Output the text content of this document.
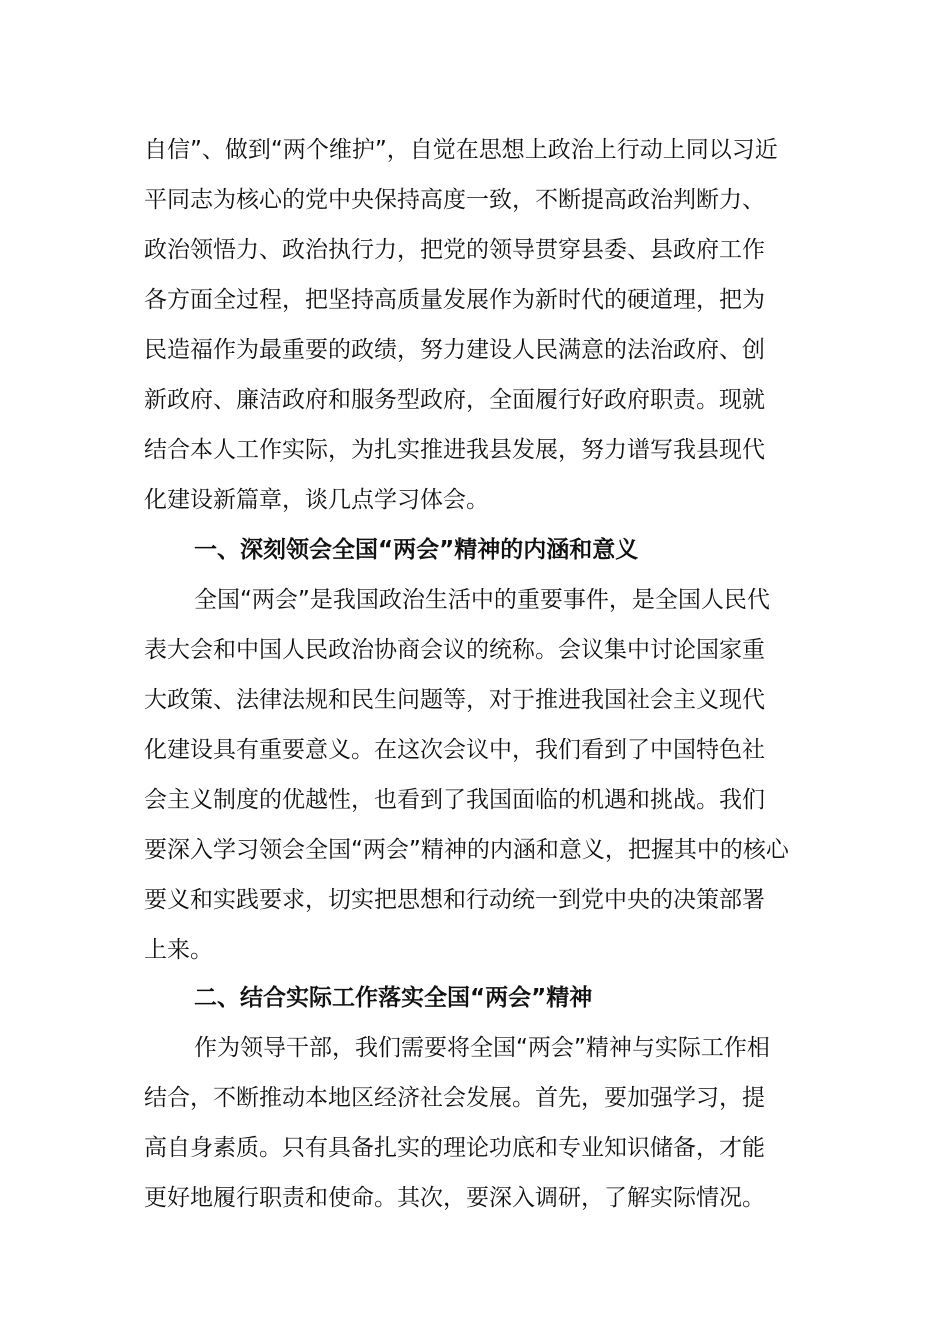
自信”、做到“两个维护”，自觉在思想上政治上行动上同以习近
平同志为核心的党中央保持高度一致，不断提高政治判断力、
政治领悟力、政治执行力，把党的领导贯穿县委、县政府工作
各方面全过程，把坚持高质量发展作为新时代的硬道理，把为
民造福作为最重要的政绩，努力建设人民满意的法治政府、创
新政府、廉洁政府和服务型政府，全面履行好政府职责。现就
结合本人工作实际，为扎实推进我县发展，努力谱写我县现代
化建设新篇章，谈几点学习体会。
一、深刻领会全国“两会”精神的内涵和意义
全国“两会”是我国政治生活中的重要事件，是全国人民代
表大会和中国人民政治协商会议的统称。会议集中讨论国家重
大政策、法律法规和民生问题等，对于推进我国社会主义现代
化建设具有重要意义。在这次会议中，我们看到了中国特色社
会主义制度的优越性，也看到了我国面临的机遇和挑战。我们
要深入学习领会全国“两会”精神的内涵和意义，把握其中的核心
要义和实践要求，切实把思想和行动统一到党中央的决策部署
上来。
二、结合实际工作落实全国“两会”精神
作为领导干部，我们需要将全国“两会”精神与实际工作相
结合，不断推动本地区经济社会发展。首先，要加强学习，提
高自身素质。只有具备扎实的理论功底和专业知识储备，才能
更好地履行职责和使命。其次，要深入调研，了解实际情况。
